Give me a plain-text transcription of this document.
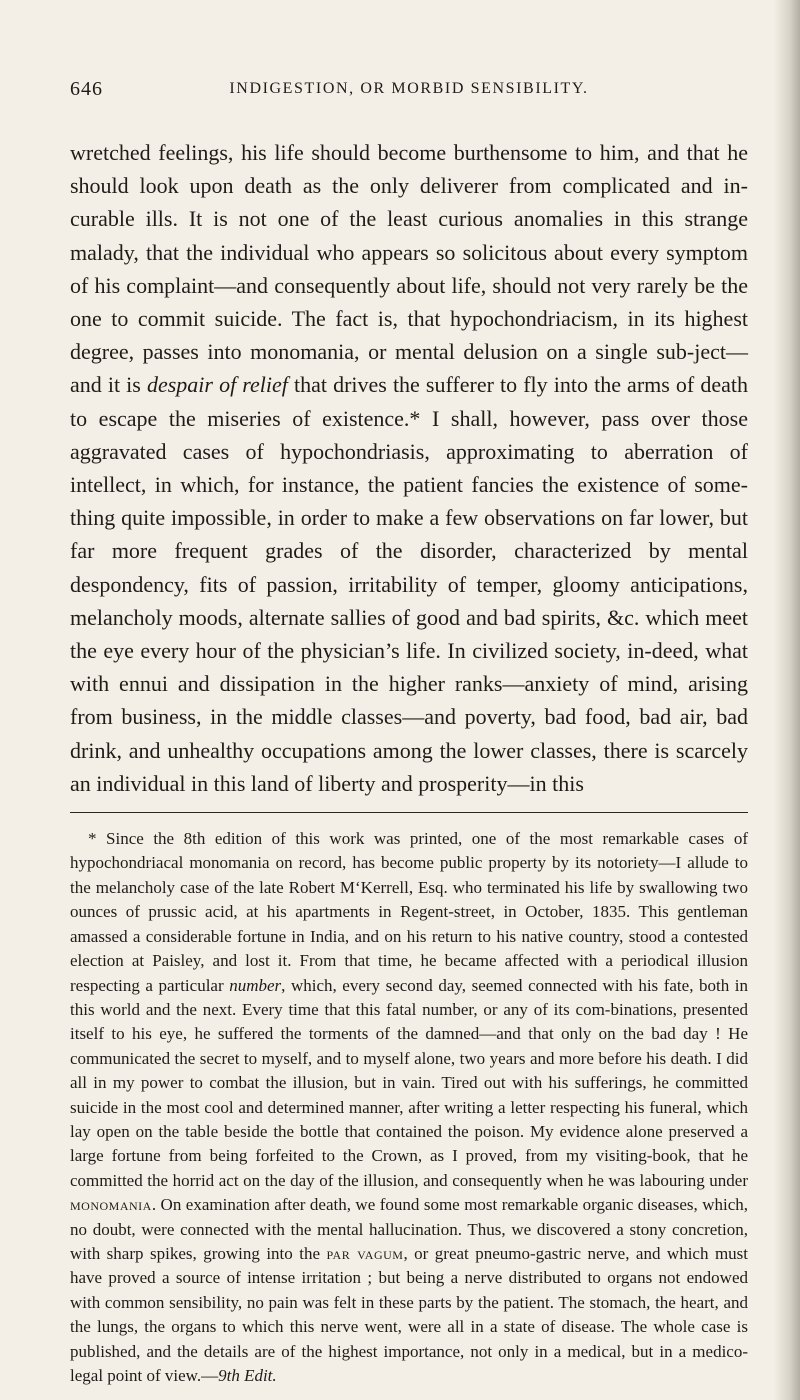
646	INDIGESTION, OR MORBID SENSIBILITY.

wretched feelings, his life should become burthensome to him, and that he should look upon death as the only deliverer from complicated and in-curable ills. It is not one of the least curious anomalies in this strange malady, that the individual who appears so solicitous about every symptom of his complaint—and consequently about life, should not very rarely be the one to commit suicide. The fact is, that hypochondriacism, in its highest degree, passes into monomania, or mental delusion on a single sub-ject—and it is despair of relief that drives the sufferer to fly into the arms of death to escape the miseries of existence.* I shall, however, pass over those aggravated cases of hypochondriasis, approximating to aberration of intellect, in which, for instance, the patient fancies the existence of some-thing quite impossible, in order to make a few observations on far lower, but far more frequent grades of the disorder, characterized by mental despondency, fits of passion, irritability of temper, gloomy anticipations, melancholy moods, alternate sallies of good and bad spirits, &c. which meet the eye every hour of the physician’s life. In civilized society, in-deed, what with ennui and dissipation in the higher ranks—anxiety of mind, arising from business, in the middle classes—and poverty, bad food, bad air, bad drink, and unhealthy occupations among the lower classes, there is scarcely an individual in this land of liberty and prosperity—in this

* Since the 8th edition of this work was printed, one of the most remarkable cases of hypochondriacal monomania on record, has become public property by its notoriety—I allude to the melancholy case of the late Robert M‘Kerrell, Esq. who terminated his life by swallowing two ounces of prussic acid, at his apartments in Regent-street, in October, 1835. This gentleman amassed a considerable fortune in India, and on his return to his native country, stood a contested election at Paisley, and lost it. From that time, he became affected with a periodical illusion respecting a particular number, which, every second day, seemed connected with his fate, both in this world and the next. Every time that this fatal number, or any of its com-binations, presented itself to his eye, he suffered the torments of the damned—and that only on the bad day ! He communicated the secret to myself, and to myself alone, two years and more before his death. I did all in my power to combat the illusion, but in vain. Tired out with his sufferings, he committed suicide in the most cool and determined manner, after writing a letter respecting his funeral, which lay open on the table beside the bottle that contained the poison. My evidence alone preserved a large fortune from being forfeited to the Crown, as I proved, from my visiting-book, that he committed the horrid act on the day of the illusion, and consequently when he was labouring under monomania. On examination after death, we found some most remarkable organic diseases, which, no doubt, were connected with the mental hallucination. Thus, we discovered a stony concretion, with sharp spikes, growing into the par vagum, or great pneumo-gastric nerve, and which must have proved a source of intense irritation ; but being a nerve distributed to organs not endowed with common sensibility, no pain was felt in these parts by the patient. The stomach, the heart, and the lungs, the organs to which this nerve went, were all in a state of disease. The whole case is published, and the details are of the highest importance, not only in a medical, but in a medico-legal point of view.—9th Edit.
